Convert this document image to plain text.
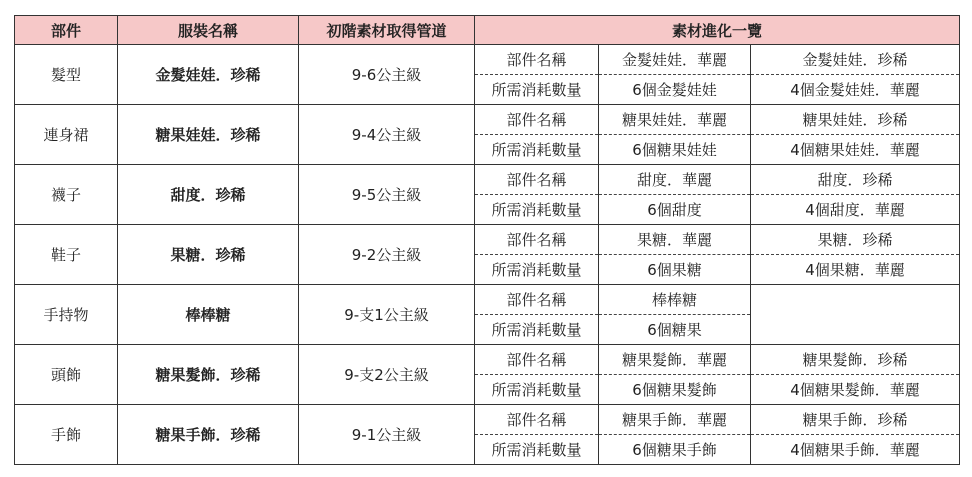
部件	服裝名稱	初階素材取得管道	素材進化一覽		
髮型	金髮娃娃．珍稀	9-6公主級	部件名稱	金髮娃娃．華麗	金髮娃娃．珍稀
			所需消耗數量	6個金髮娃娃	4個金髮娃娃．華麗
連身裙	糖果娃娃．珍稀	9-4公主級	部件名稱	糖果娃娃．華麗	糖果娃娃．珍稀
			所需消耗數量	6個糖果娃娃	4個糖果娃娃．華麗
襪子	甜度．珍稀	9-5公主級	部件名稱	甜度．華麗	甜度．珍稀
			所需消耗數量	6個甜度	4個甜度．華麗
鞋子	果糖．珍稀	9-2公主級	部件名稱	果糖．華麗	果糖．珍稀
			所需消耗數量	6個果糖	4個果糖．華麗
手持物	棒棒糖	9-支1公主級	部件名稱	棒棒糖	
			所需消耗數量	6個糖果	
頭飾	糖果髮飾．珍稀	9-支2公主級	部件名稱	糖果髮飾．華麗	糖果髮飾．珍稀
			所需消耗數量	6個糖果髮飾	4個糖果髮飾．華麗
手飾	糖果手飾．珍稀	9-1公主級	部件名稱	糖果手飾．華麗	糖果手飾．珍稀
			所需消耗數量	6個糖果手飾	4個糖果手飾．華麗
